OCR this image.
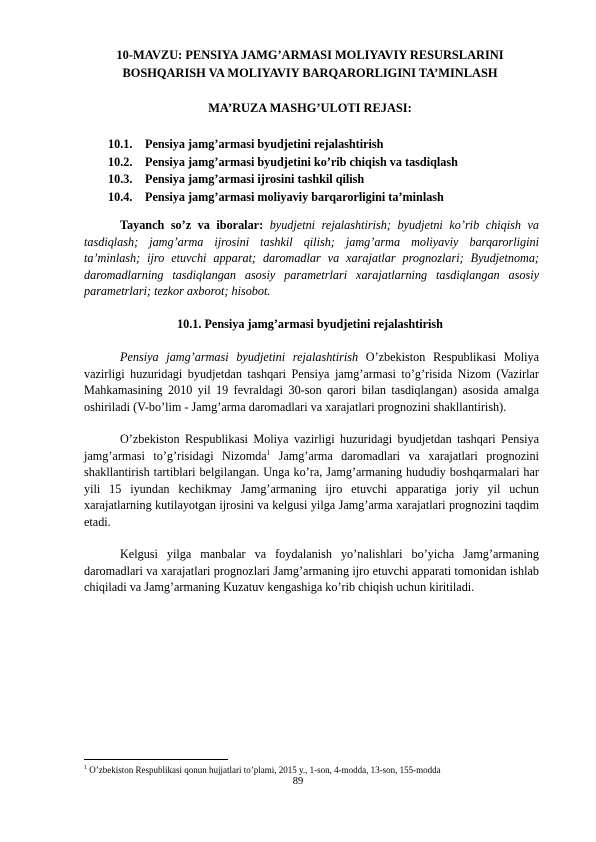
10-MAVZU: PENSIYA JAMG’ARMASI MOLIYAVIY RESURSLARINI BOSHQARISH VA MOLIYAVIY BARQARORLIGINI TA’MINLASH
MA’RUZA MASHG’ULOTI REJASI:
10.1. Pensiya jamg’armasi byudjetini rejalashtirish
10.2. Pensiya jamg’armasi byudjetini ko’rib chiqish va tasdiqlash
10.3. Pensiya jamg’armasi ijrosini tashkil qilish
10.4. Pensiya jamg’armasi moliyaviy barqarorligini ta’minlash

Tayanch so’z va iboralar: byudjetni rejalashtirish; byudjetni ko’rib chiqish va tasdiqlash; jamg’arma ijrosini tashkil qilish; jamg’arma moliyaviy barqarorligini ta’minlash; ijro etuvchi apparat; daromadlar va xarajatlar prognozlari; Byudjetnoma; daromadlarning tasdiqlangan asosiy parametrlari xarajatlarning tasdiqlangan asosiy parametrlari; tezkor axborot; hisobot.

10.1. Pensiya jamg’armasi byudjetini rejalashtirish

Pensiya jamg’armasi byudjetini rejalashtirish O’zbekiston Respublikasi Moliya vazirligi huzuridagi byudjetdan tashqari Pensiya jamg’armasi to’g’risida Nizom (Vazirlar Mahkamasining 2010 yil 19 fevraldagi 30-son qarori bilan tasdiqlangan) asosida amalga oshiriladi (V-bo’lim - Jamg’arma daromadlari va xarajatlari prognozini shakllantirish).

O’zbekiston Respublikasi Moliya vazirligi huzuridagi byudjetdan tashqari Pensiya jamg’armasi to’g’risidagi Nizomda$^1$ Jamg’arma daromadlari va xarajatlari prognozini shakllantirish tartiblari belgilangan. Unga ko’ra, Jamg’armaning hududiy boshqarmalari har yili 15 iyundan kechikmay Jamg’armaning ijro etuvchi apparatiga joriy yil uchun xarajatlarning kutilayotgan ijrosini va kelgusi yilga Jamg’arma xarajatlari prognozini taqdim etadi.

Kelgusi yilga manbalar va foydalanish yo’nalishlari bo’yicha Jamg’armaning daromadlari va xarajatlari prognozlari Jamg’armaning ijro etuvchi apparati tomonidan ishlab chiqiladi va Jamg’armaning Kuzatuv kengashiga ko’rib chiqish uchun kiritiladi.

$^1$ O’zbekiston Respublikasi qonun hujjatlari to’plami, 2015 y., 1-son, 4-modda, 13-son, 155-modda
89
